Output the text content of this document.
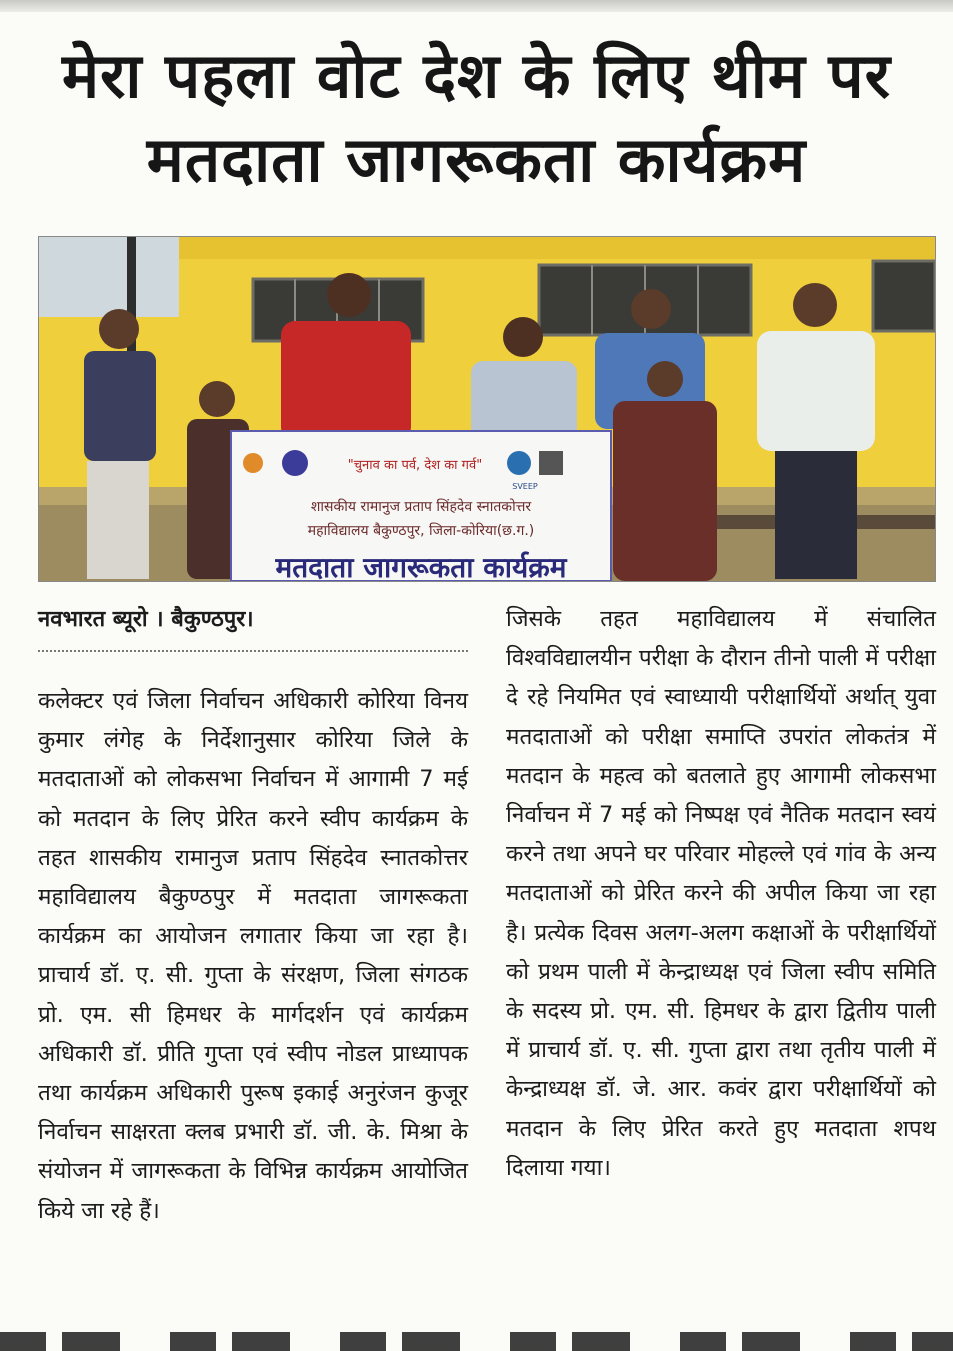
मेरा पहला वोट देश के लिए थीम पर मतदाता जागरूकता कार्यक्रम
SVEEP
"चुनाव का पर्व, देश का गर्व"
शासकीय रामानुज प्रताप सिंहदेव स्नातकोत्तर
महाविद्यालय बैकुण्ठपुर, जिला-कोरिया(छ.ग.)
मतदाता जागरूकता कार्यक्रम
नवभारत ब्यूरो । बैकुण्ठपुर।

कलेक्टर एवं जिला निर्वाचन अधिकारी कोरिया विनय कुमार लंगेह के निर्देशानुसार कोरिया जिले के मतदाताओं को लोकसभा निर्वाचन में आगामी 7 मई को मतदान के लिए प्रेरित करने स्वीप कार्यक्रम के तहत शासकीय रामानुज प्रताप सिंहदेव स्नातकोत्तर महाविद्यालय बैकुण्ठपुर में मतदाता जागरूकता कार्यक्रम का आयोजन लगातार किया जा रहा है। प्राचार्य डॉ. ए. सी. गुप्ता के संरक्षण, जिला संगठक प्रो. एम. सी हिमधर के मार्गदर्शन एवं कार्यक्रम अधिकारी डॉ. प्रीति गुप्ता एवं स्वीप नोडल प्राध्यापक तथा कार्यक्रम अधिकारी पुरूष इकाई अनुरंजन कुजूर निर्वाचन साक्षरता क्लब प्रभारी डॉ. जी. के. मिश्रा के संयोजन में जागरूकता के विभिन्न कार्यक्रम आयोजित किये जा रहे हैं।

जिसके तहत महाविद्यालय में संचालित विश्वविद्यालयीन परीक्षा के दौरान तीनो पाली में परीक्षा दे रहे नियमित एवं स्वाध्यायी परीक्षार्थियों अर्थात् युवा मतदाताओं को परीक्षा समाप्ति उपरांत लोकतंत्र में मतदान के महत्व को बतलाते हुए आगामी लोकसभा निर्वाचन में 7 मई को निष्पक्ष एवं नैतिक मतदान स्वयं करने तथा अपने घर परिवार मोहल्ले एवं गांव के अन्य मतदाताओं को प्रेरित करने की अपील किया जा रहा है। प्रत्येक दिवस अलग-अलग कक्षाओं के परीक्षार्थियों को प्रथम पाली में केन्द्राध्यक्ष एवं जिला स्वीप समिति के सदस्य प्रो. एम. सी. हिमधर के द्वारा द्वितीय पाली में प्राचार्य डॉ. ए. सी. गुप्ता द्वारा तथा तृतीय पाली में केन्द्राध्यक्ष डॉ. जे. आर. कवंर द्वारा परीक्षार्थियों को मतदान के लिए प्रेरित करते हुए मतदाता शपथ दिलाया गया।
